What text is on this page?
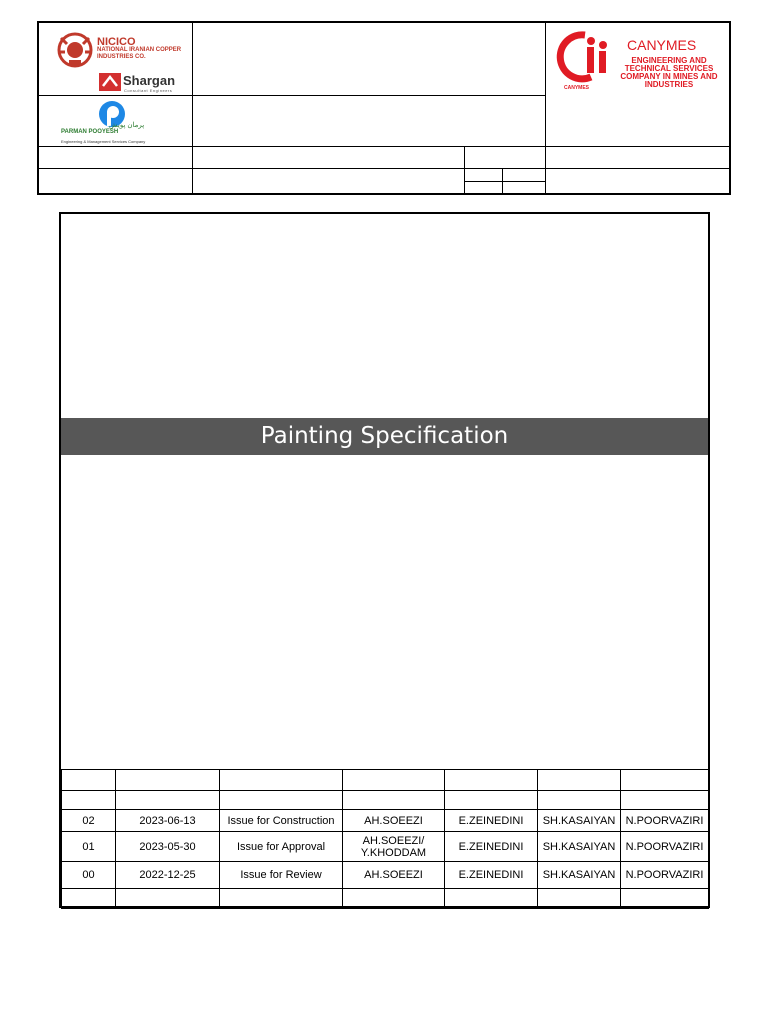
NICICO
NATIONAL IRANIAN COPPER INDUSTRIES CO.
Shargan
Consultant Engineers
PARMAN POOYESH
پرمان پویش
Engineering & Management Services Company
CANYMES
CANYMES
ENGINEERING AND TECHNICAL SERVICES COMPANY IN MINES AND INDUSTRIES
Painting Specification

02	2023-06-13	Issue for Construction	AH.SOEEZI	E.ZEINEDINI	SH.KASAIYAN	N.POORVAZIRI
01	2023-05-30	Issue for Approval	AH.SOEEZI/ Y.KHODDAM	E.ZEINEDINI	SH.KASAIYAN	N.POORVAZIRI
00	2022-12-25	Issue for Review	AH.SOEEZI	E.ZEINEDINI	SH.KASAIYAN	N.POORVAZIRI
